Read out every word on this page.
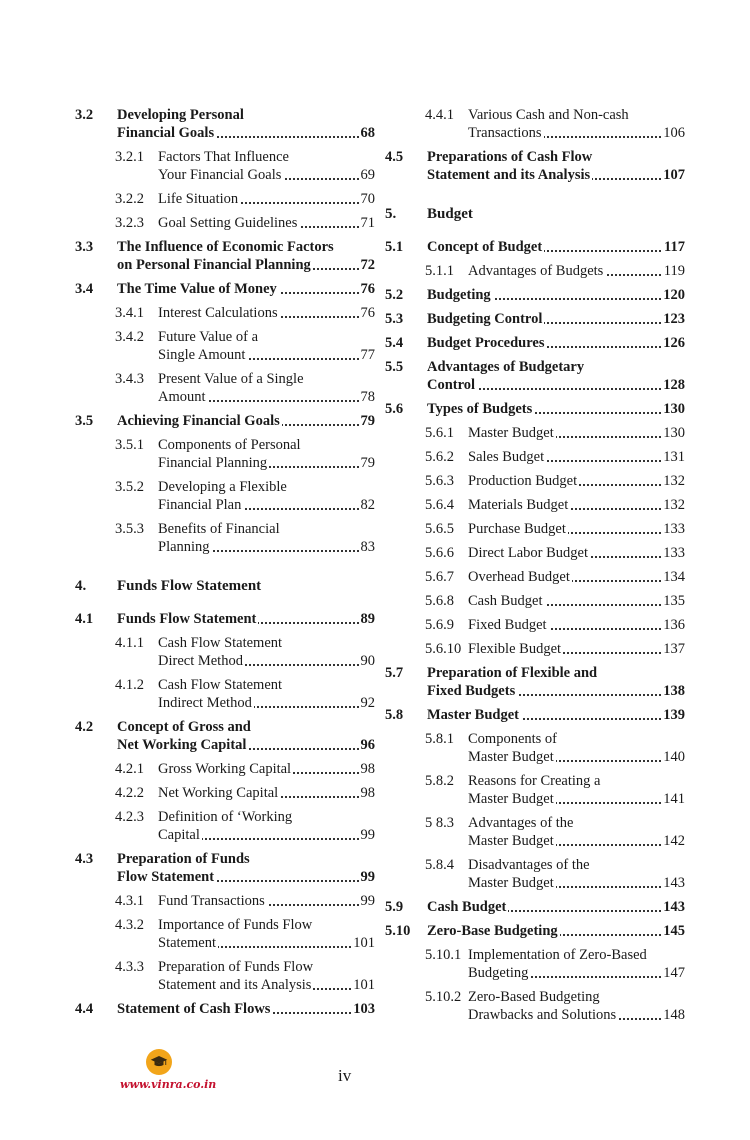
3.2 Developing Personal
Financial Goals	68
3.2.1 Factors That Influence
Your Financial Goals	69
3.2.2 Life Situation	70
3.2.3 Goal Setting Guidelines	71
3.3 The Influence of Economic Factors
on Personal Financial Planning	72
3.4 The Time Value of Money	76
3.4.1 Interest Calculations	76
3.4.2 Future Value of a
Single Amount	77
3.4.3 Present Value of a Single
Amount	78
3.5 Achieving Financial Goals	79
3.5.1 Components of Personal
Financial Planning	79
3.5.2 Developing a Flexible
Financial Plan	82
3.5.3 Benefits of Financial
Planning	83
4. Funds Flow Statement
4.1 Funds Flow Statement	89
4.1.1 Cash Flow Statement
Direct Method	90
4.1.2 Cash Flow Statement
Indirect Method	92
4.2 Concept of Gross and
Net Working Capital	96
4.2.1 Gross Working Capital	98
4.2.2 Net Working Capital	98
4.2.3 Definition of ‘Working
Capital	99
4.3 Preparation of Funds
Flow Statement	99
4.3.1 Fund Transactions	99
4.3.2 Importance of Funds Flow
Statement	101
4.3.3 Preparation of Funds Flow
Statement and its Analysis	101
4.4 Statement of Cash Flows	103
4.4.1 Various Cash and Non-cash
Transactions	106
4.5 Preparations of Cash Flow
Statement and its Analysis	107
5. Budget
5.1 Concept of Budget	117
5.1.1 Advantages of Budgets	119
5.2 Budgeting	120
5.3 Budgeting Control	123
5.4 Budget Procedures	126
5.5 Advantages of Budgetary
Control	128
5.6 Types of Budgets	130
5.6.1 Master Budget	130
5.6.2 Sales Budget	131
5.6.3 Production Budget	132
5.6.4 Materials Budget	132
5.6.5 Purchase Budget	133
5.6.6 Direct Labor Budget	133
5.6.7 Overhead Budget	134
5.6.8 Cash Budget	135
5.6.9 Fixed Budget	136
5.6.10 Flexible Budget	137
5.7 Preparation of Flexible and
Fixed Budgets	138
5.8 Master Budget	139
5.8.1 Components of
Master Budget	140
5.8.2 Reasons for Creating a
Master Budget	141
5 8.3 Advantages of the
Master Budget	142
5.8.4 Disadvantages of the
Master Budget	143
5.9 Cash Budget	143
5.10 Zero-Base Budgeting	145
5.10.1 Implementation of Zero-Based
Budgeting	147
5.10.2 Zero-Based Budgeting
Drawbacks and Solutions	148
www.vinra.co.in	iv
